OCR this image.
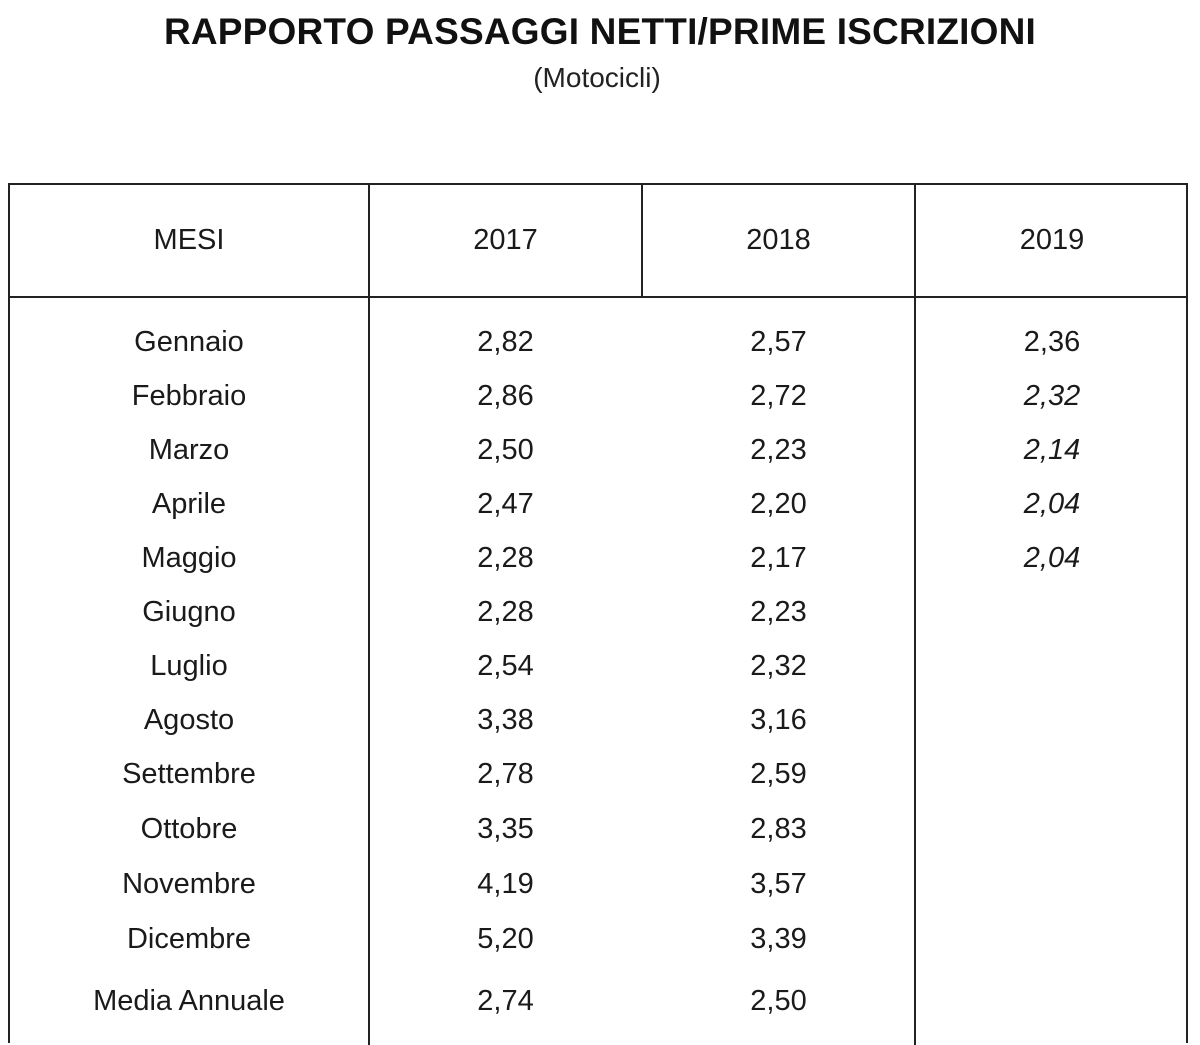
RAPPORTO PASSAGGI NETTI/PRIME ISCRIZIONI
(Motocicli)
MESI	2017	2018	2019
Gennaio	2,82	2,57	2,36
Febbraio	2,86	2,72	2,32
Marzo	2,50	2,23	2,14
Aprile	2,47	2,20	2,04
Maggio	2,28	2,17	2,04
Giugno	2,28	2,23
Luglio	2,54	2,32
Agosto	3,38	3,16
Settembre	2,78	2,59
Ottobre	3,35	2,83
Novembre	4,19	3,57
Dicembre	5,20	3,39
Media Annuale	2,74	2,50
